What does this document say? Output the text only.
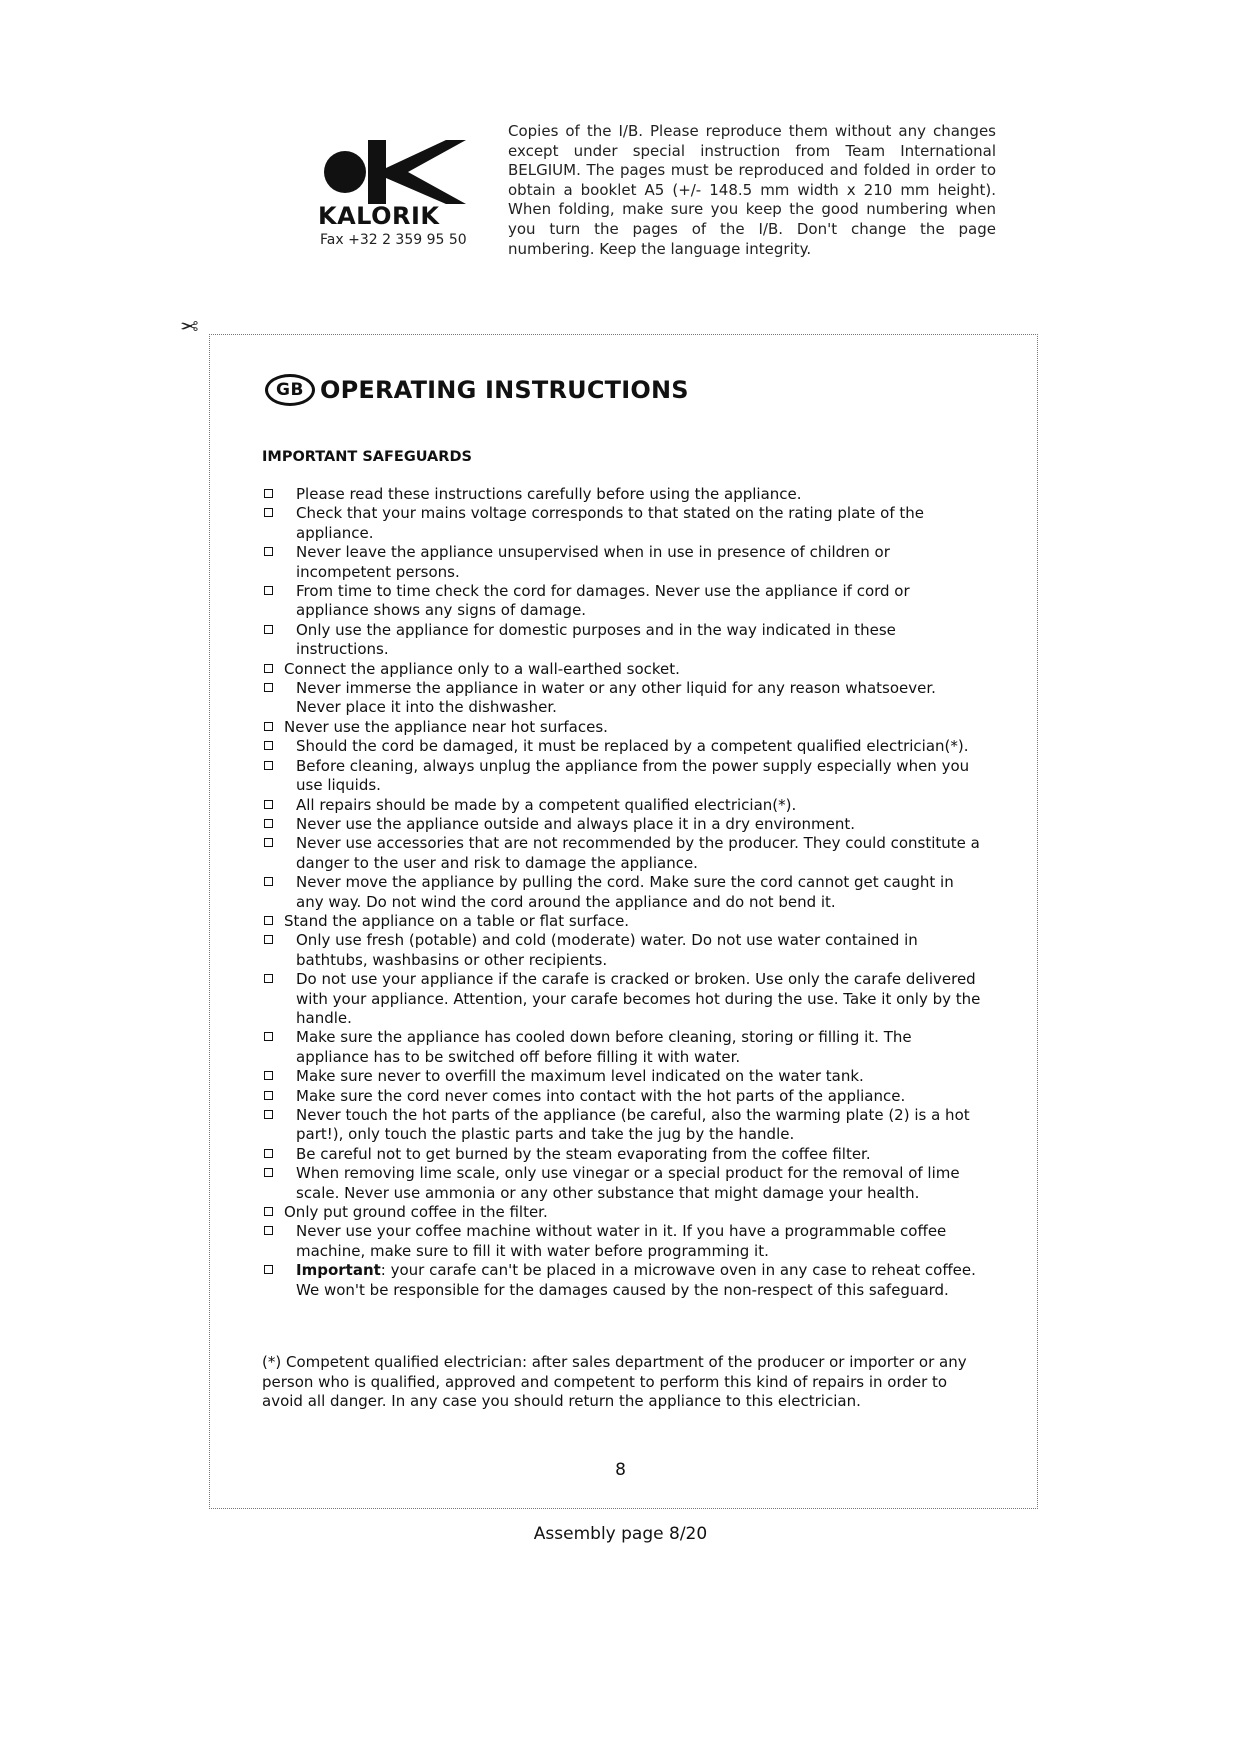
KALORIK
Fax +32 2 359 95 50
Copies of the I/B. Please reproduce them without any changes except under special instruction from Team International BELGIUM. The pages must be reproduced and folded in order to obtain a booklet A5 (+/- 148.5 mm width x 210 mm height). When folding, make sure you keep the good numbering when you turn the pages of the I/B. Don't change the page numbering. Keep the language integrity.
✂
GB OPERATING INSTRUCTIONS
IMPORTANT SAFEGUARDS
Please read these instructions carefully before using the appliance.
Check that your mains voltage corresponds to that stated on the rating plate of the appliance.
Never leave the appliance unsupervised when in use in presence of children or incompetent persons.
From time to time check the cord for damages. Never use the appliance if cord or appliance shows any signs of damage.
Only use the appliance for domestic purposes and in the way indicated in these instructions.
Connect the appliance only to a wall-earthed socket.
Never immerse the appliance in water or any other liquid for any reason whatsoever. Never place it into the dishwasher.
Never use the appliance near hot surfaces.
Should the cord be damaged, it must be replaced by a competent qualified electrician(*).
Before cleaning, always unplug the appliance from the power supply especially when you use liquids.
All repairs should be made by a competent qualified electrician(*).
Never use the appliance outside and always place it in a dry environment.
Never use accessories that are not recommended by the producer. They could constitute a danger to the user and risk to damage the appliance.
Never move the appliance by pulling the cord. Make sure the cord cannot get caught in any way. Do not wind the cord around the appliance and do not bend it.
Stand the appliance on a table or flat surface.
Only use fresh (potable) and cold (moderate) water. Do not use water contained in bathtubs, washbasins or other recipients.
Do not use your appliance if the carafe is cracked or broken. Use only the carafe delivered with your appliance. Attention, your carafe becomes hot during the use. Take it only by the handle.
Make sure the appliance has cooled down before cleaning, storing or filling it. The appliance has to be switched off before filling it with water.
Make sure never to overfill the maximum level indicated on the water tank.
Make sure the cord never comes into contact with the hot parts of the appliance.
Never touch the hot parts of the appliance (be careful, also the warming plate (2) is a hot part!), only touch the plastic parts and take the jug by the handle.
Be careful not to get burned by the steam evaporating from the coffee filter.
When removing lime scale, only use vinegar or a special product for the removal of lime scale. Never use ammonia or any other substance that might damage your health.
Only put ground coffee in the filter.
Never use your coffee machine without water in it. If you have a programmable coffee machine, make sure to fill it with water before programming it.
Important: your carafe can't be placed in a microwave oven in any case to reheat coffee. We won't be responsible for the damages caused by the non-respect of this safeguard.
(*) Competent qualified electrician: after sales department of the producer or importer or any person who is qualified, approved and competent to perform this kind of repairs in order to avoid all danger. In any case you should return the appliance to this electrician.
8
Assembly page 8/20
